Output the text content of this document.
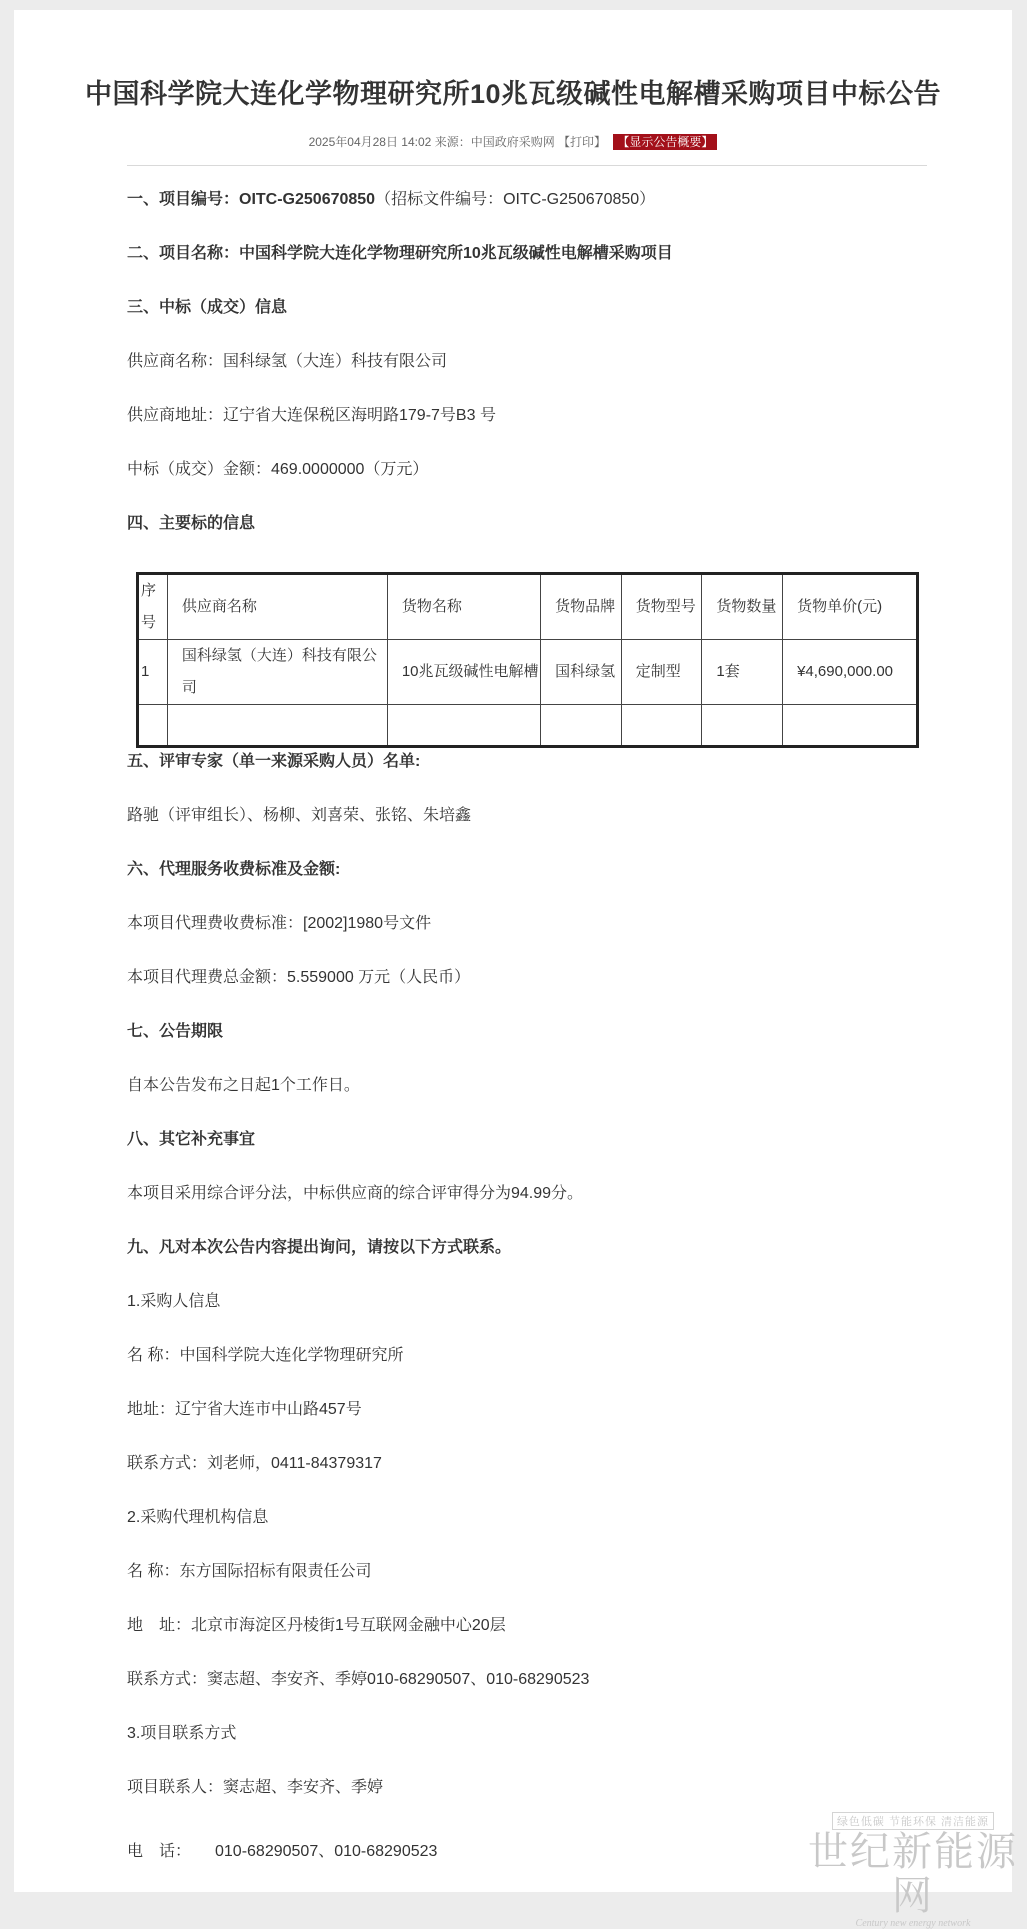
中国科学院大连化学物理研究所10兆瓦级碱性电解槽采购项目中标公告
2025年04月28日 14:02 来源：中国政府采购网 【打印】 【显示公告概要】
一、项目编号：OITC-G250670850（招标文件编号：OITC-G250670850）
二、项目名称：中国科学院大连化学物理研究所10兆瓦级碱性电解槽采购项目
三、中标（成交）信息
供应商名称：国科绿氢（大连）科技有限公司
供应商地址：辽宁省大连保税区海明路179-7号B3 号
中标（成交）金额：469.0000000（万元）
四、主要标的信息
序号	供应商名称	货物名称	货物品牌	货物型号	货物数量	货物单价(元)
1	国科绿氢（大连）科技有限公司	10兆瓦级碱性电解槽	国科绿氢	定制型	1套	¥4,690,000.00

五、评审专家（单一来源采购人员）名单:
路驰（评审组长）、杨柳、刘喜荣、张铭、朱培鑫
六、代理服务收费标准及金额:
本项目代理费收费标准：[2002]1980号文件
本项目代理费总金额：5.559000 万元（人民币）
七、公告期限
自本公告发布之日起1个工作日。
八、其它补充事宜
本项目采用综合评分法，中标供应商的综合评审得分为94.99分。
九、凡对本次公告内容提出询问，请按以下方式联系。
1.采购人信息
名 称：中国科学院大连化学物理研究所
地址：辽宁省大连市中山路457号
联系方式：刘老师，0411-84379317
2.采购代理机构信息
名 称：东方国际招标有限责任公司
地　址：北京市海淀区丹棱街1号互联网金融中心20层
联系方式：窦志超、李安齐、季婷010-68290507、010-68290523
3.项目联系方式
项目联系人：窦志超、李安齐、季婷
电　话：　　010-68290507、010-68290523
绿色低碳 节能环保 清洁能源
世纪新能源网
Century new energy network
